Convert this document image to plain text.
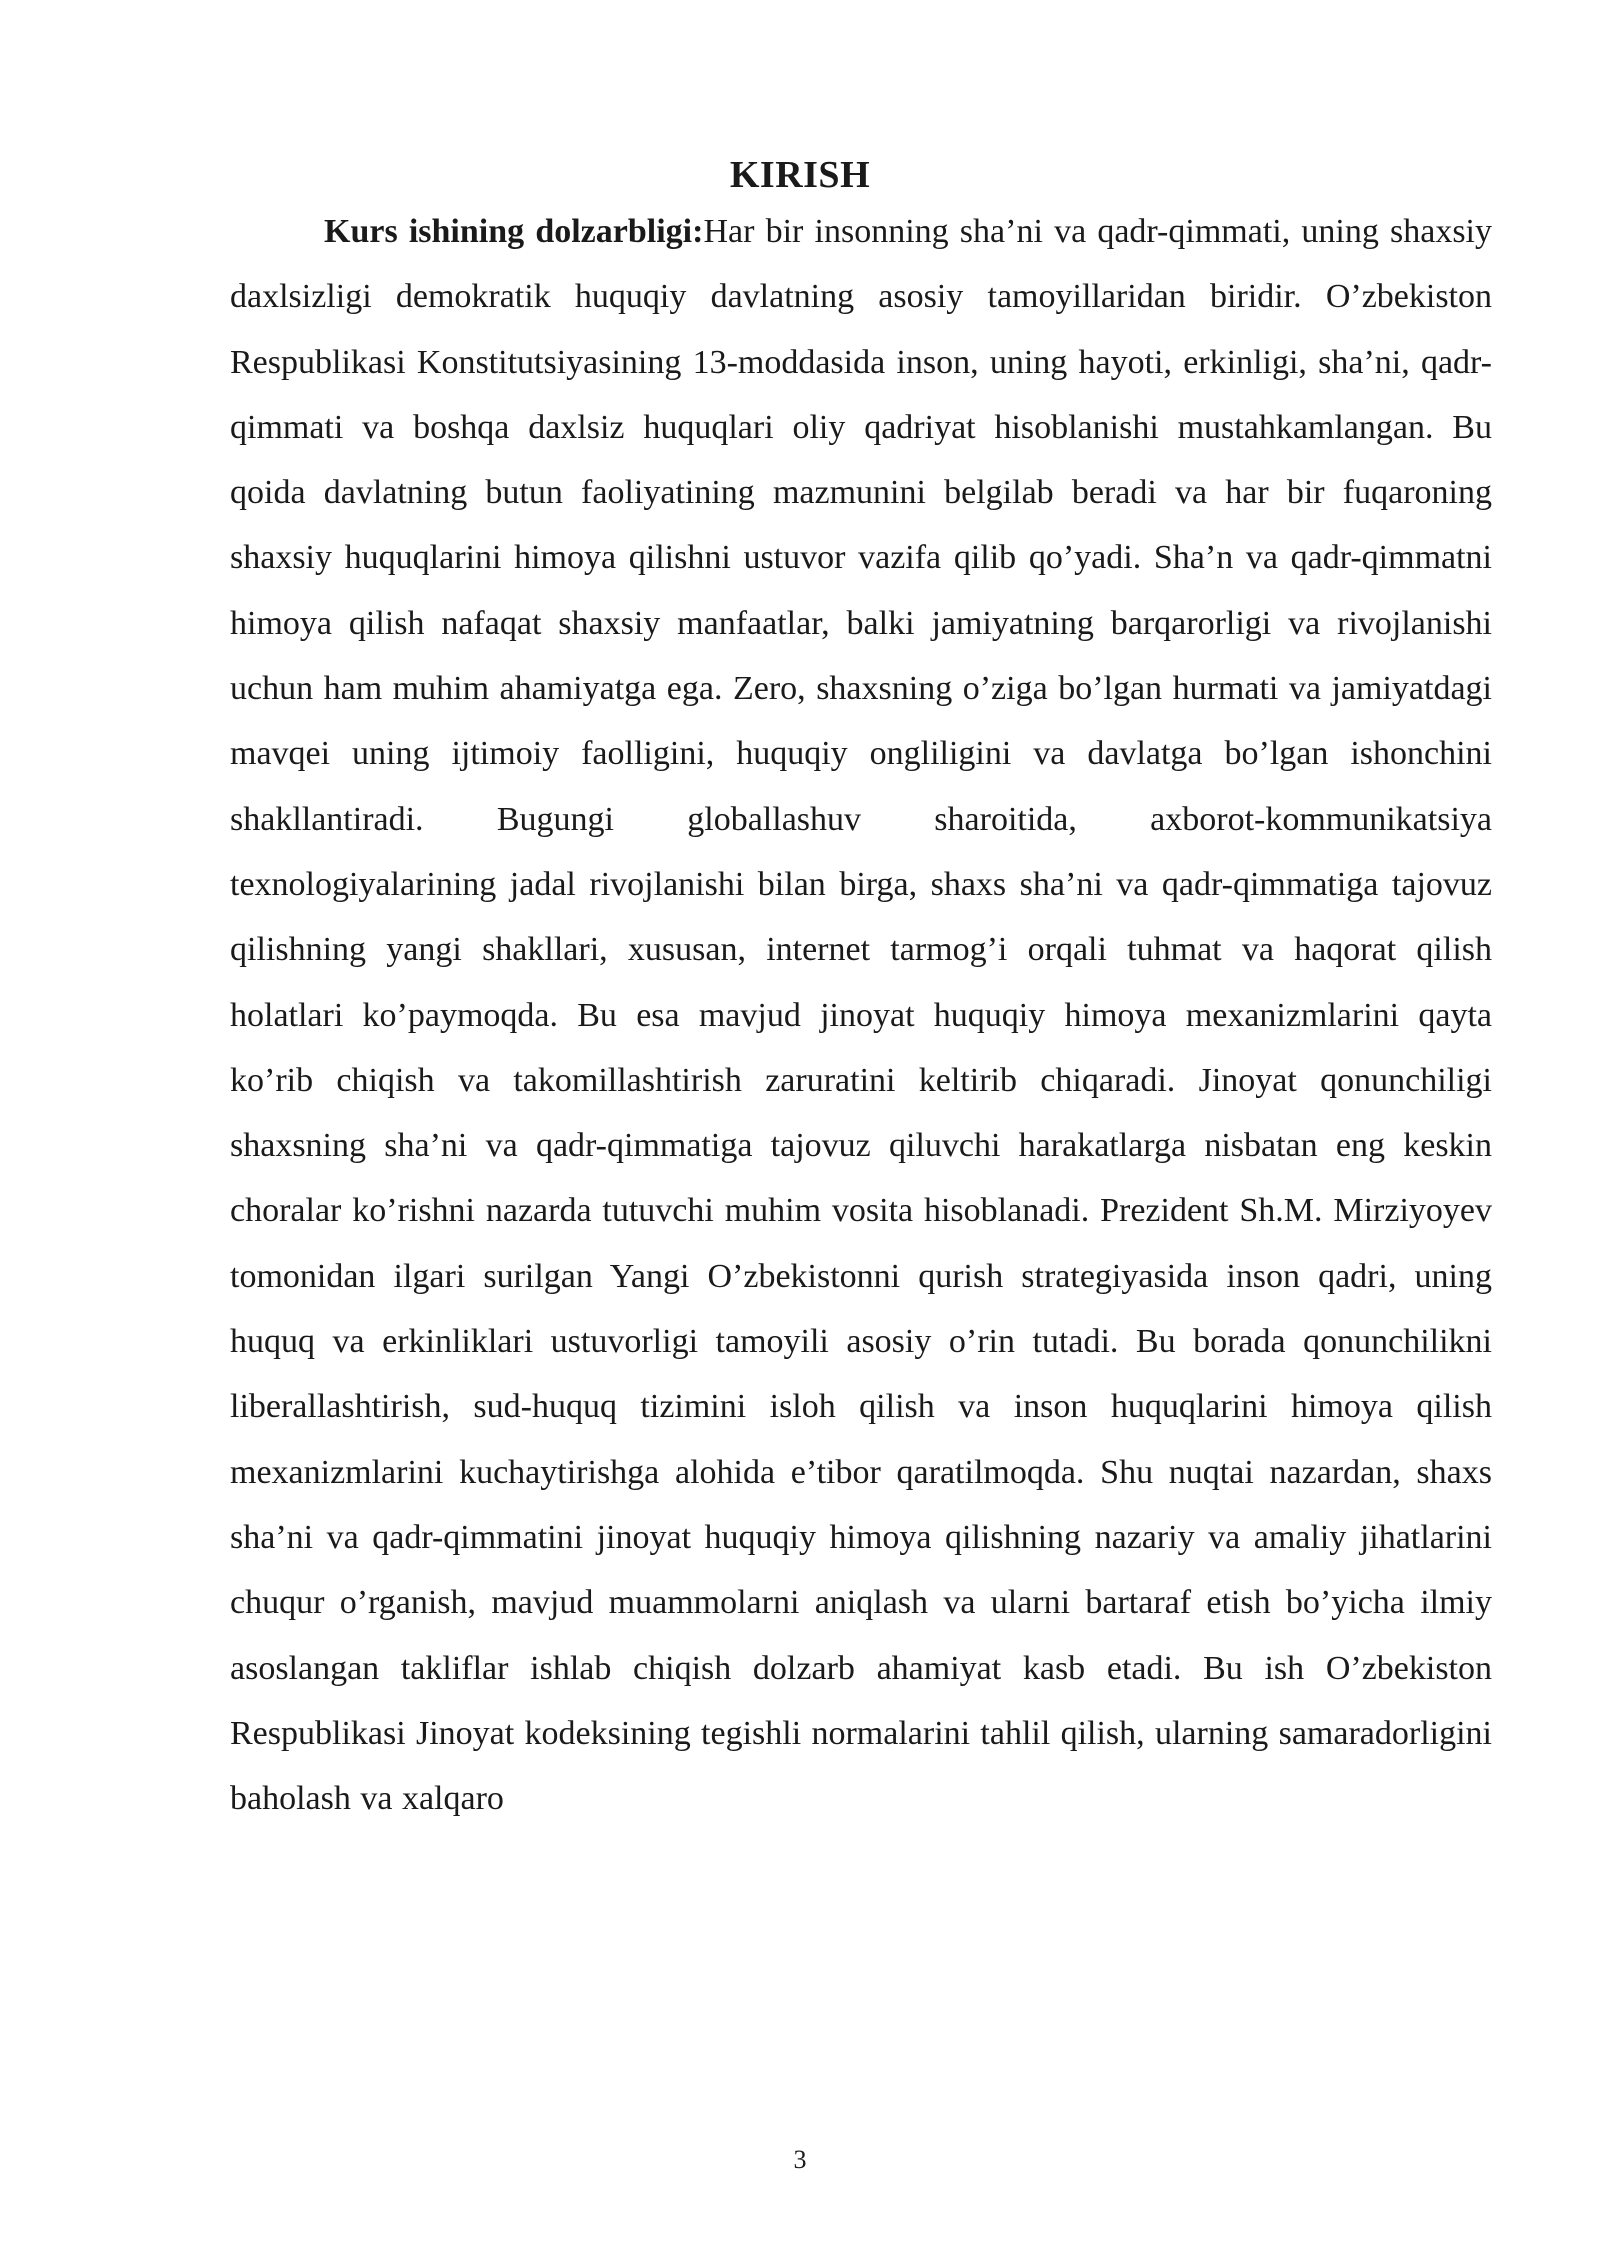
KIRISH

Kurs ishining dolzarbligi:Har bir insonning sha’ni va qadr-qimmati, uning shaxsiy daxlsizligi demokratik huquqiy davlatning asosiy tamoyillaridan biridir. O’zbekiston Respublikasi Konstitutsiyasining 13-moddasida inson, uning hayoti, erkinligi, sha’ni, qadr-qimmati va boshqa daxlsiz huquqlari oliy qadriyat hisoblanishi mustahkamlangan. Bu qoida davlatning butun faoliyatining mazmunini belgilab beradi va har bir fuqaroning shaxsiy huquqlarini himoya qilishni ustuvor vazifa qilib qo’yadi. Sha’n va qadr-qimmatni himoya qilish nafaqat shaxsiy manfaatlar, balki jamiyatning barqarorligi va rivojlanishi uchun ham muhim ahamiyatga ega. Zero, shaxsning o’ziga bo’lgan hurmati va jamiyatdagi mavqei uning ijtimoiy faolligini, huquqiy ongliligini va davlatga bo’lgan ishonchini shakllantiradi. Bugungi globallashuv sharoitida, axborot-kommunikatsiya texnologiyalarining jadal rivojlanishi bilan birga, shaxs sha’ni va qadr-qimmatiga tajovuz qilishning yangi shakllari, xususan, internet tarmog’i orqali tuhmat va haqorat qilish holatlari ko’paymoqda. Bu esa mavjud jinoyat huquqiy himoya mexanizmlarini qayta ko’rib chiqish va takomillashtirish zaruratini keltirib chiqaradi. Jinoyat qonunchiligi shaxsning sha’ni va qadr-qimmatiga tajovuz qiluvchi harakatlarga nisbatan eng keskin choralar ko’rishni nazarda tutuvchi muhim vosita hisoblanadi. Prezident Sh.M. Mirziyoyev tomonidan ilgari surilgan Yangi O’zbekistonni qurish strategiyasida inson qadri, uning huquq va erkinliklari ustuvorligi tamoyili asosiy o’rin tutadi. Bu borada qonunchilikni liberallashtirish, sud-huquq tizimini isloh qilish va inson huquqlarini himoya qilish mexanizmlarini kuchaytirishga alohida e’tibor qaratilmoqda. Shu nuqtai nazardan, shaxs sha’ni va qadr-qimmatini jinoyat huquqiy himoya qilishning nazariy va amaliy jihatlarini chuqur o’rganish, mavjud muammolarni aniqlash va ularni bartaraf etish bo’yicha ilmiy asoslangan takliflar ishlab chiqish dolzarb ahamiyat kasb etadi. Bu ish O’zbekiston Respublikasi Jinoyat kodeksining tegishli normalarini tahlil qilish, ularning samaradorligini baholash va xalqaro

3
